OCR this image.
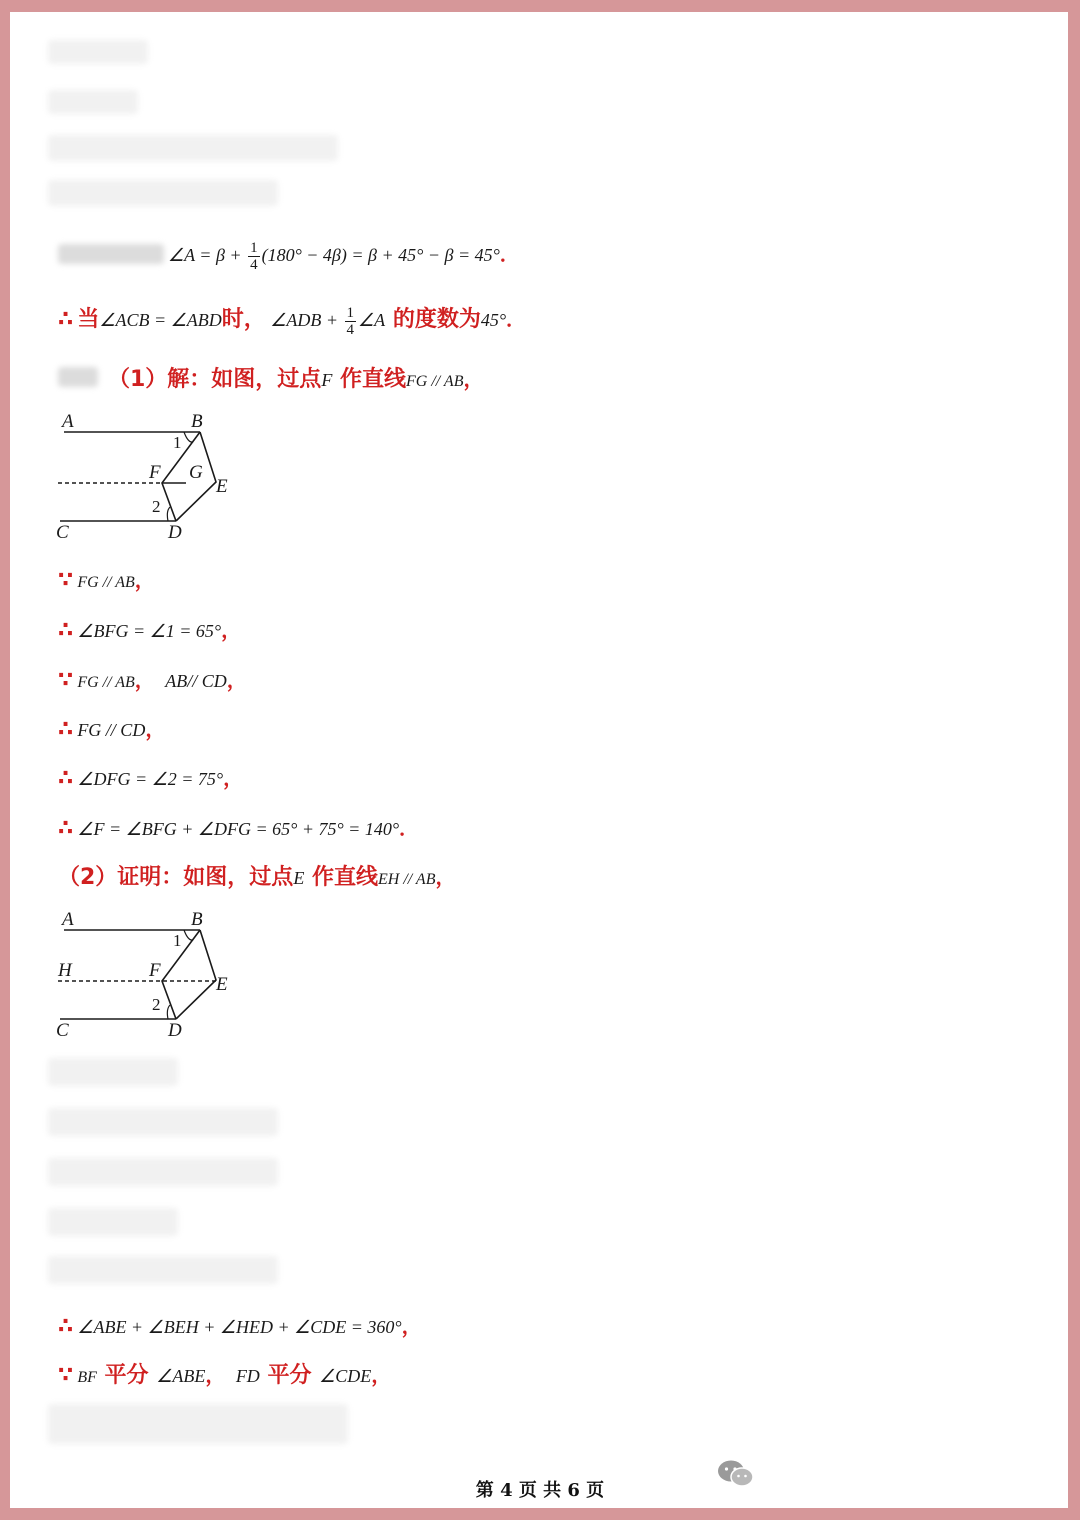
∠A = $\beta + \frac{1}{4} (180^\circ - 4\beta) = \beta + 45^\circ - \beta = 45^\circ$．
∴ 当∠ACB = ∠ABD时， ∠ADB + $\frac{1}{4}$ ∠A 的度数为45°．
（1）解：如图，过点F 作直线FG // AB，
A	B
1
F G
E
2
C	D
∵ FG // AB，
∴ ∠BFG = ∠1 = 65°，
∵ FG // AB， AB// CD，
∴ FG // CD，
∴ ∠DFG = ∠2 = 75°，
∴ ∠F = ∠BFG + ∠DFG = 65° + 75° = 140°．
（2）证明：如图，过点E 作直线EH // AB，
A	B
1
H	F
E
2
C	D
∴ ∠ABE + ∠BEH + ∠HED + ∠CDE = 360°，
∵ BF 平分 ∠ABE， FD 平分 ∠CDE，
第 4 页 共 6 页
